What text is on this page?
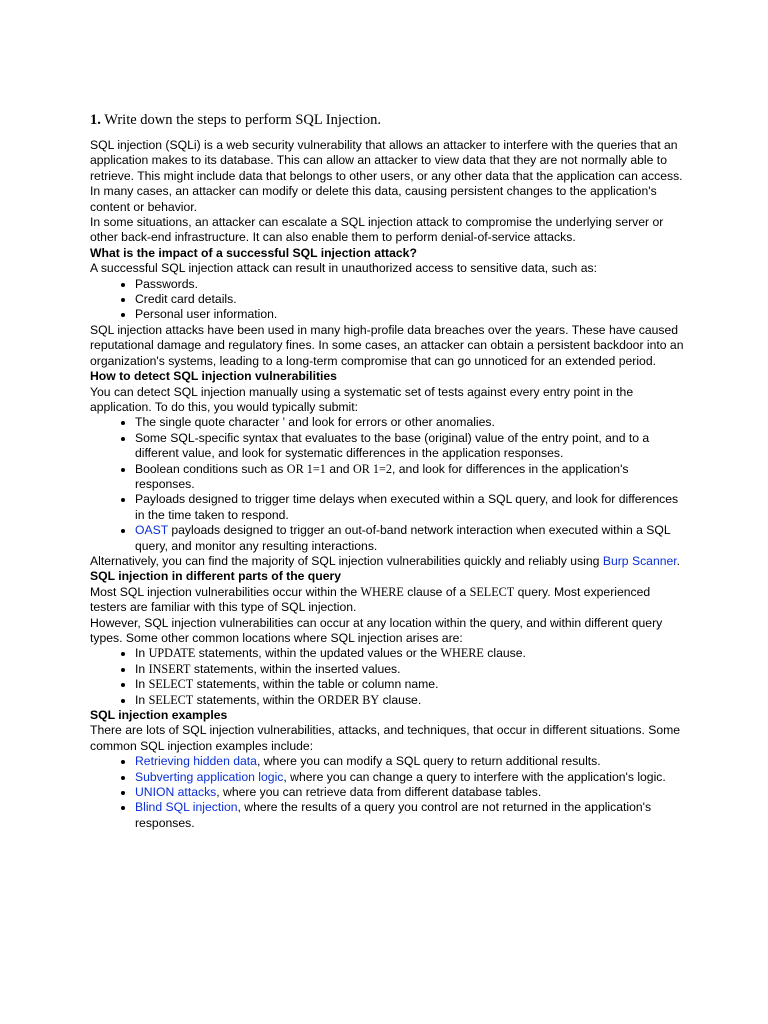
1. Write down the steps to perform SQL Injection.

SQL injection (SQLi) is a web security vulnerability that allows an attacker to interfere with the queries that an application makes to its database. This can allow an attacker to view data that they are not normally able to retrieve. This might include data that belongs to other users, or any other data that the application can access. In many cases, an attacker can modify or delete this data, causing persistent changes to the application's content or behavior.

In some situations, an attacker can escalate a SQL injection attack to compromise the underlying server or other back-end infrastructure. It can also enable them to perform denial-of-service attacks.

What is the impact of a successful SQL injection attack?

A successful SQL injection attack can result in unauthorized access to sensitive data, such as:

• Passwords.
• Credit card details.
• Personal user information.

SQL injection attacks have been used in many high-profile data breaches over the years. These have caused reputational damage and regulatory fines. In some cases, an attacker can obtain a persistent backdoor into an organization's systems, leading to a long-term compromise that can go unnoticed for an extended period.

How to detect SQL injection vulnerabilities

You can detect SQL injection manually using a systematic set of tests against every entry point in the application. To do this, you would typically submit:

• The single quote character ' and look for errors or other anomalies.
• Some SQL-specific syntax that evaluates to the base (original) value of the entry point, and to a different value, and look for systematic differences in the application responses.
• Boolean conditions such as OR 1=1 and OR 1=2, and look for differences in the application's responses.
• Payloads designed to trigger time delays when executed within a SQL query, and look for differences in the time taken to respond.
• OAST payloads designed to trigger an out-of-band network interaction when executed within a SQL query, and monitor any resulting interactions.

Alternatively, you can find the majority of SQL injection vulnerabilities quickly and reliably using Burp Scanner.

SQL injection in different parts of the query

Most SQL injection vulnerabilities occur within the WHERE clause of a SELECT query. Most experienced testers are familiar with this type of SQL injection.

However, SQL injection vulnerabilities can occur at any location within the query, and within different query types. Some other common locations where SQL injection arises are:

• In UPDATE statements, within the updated values or the WHERE clause.
• In INSERT statements, within the inserted values.
• In SELECT statements, within the table or column name.
• In SELECT statements, within the ORDER BY clause.
SQL injection examples

There are lots of SQL injection vulnerabilities, attacks, and techniques, that occur in different situations. Some common SQL injection examples include:

• Retrieving hidden data, where you can modify a SQL query to return additional results.
• Subverting application logic, where you can change a query to interfere with the application's logic.
• UNION attacks, where you can retrieve data from different database tables.
• Blind SQL injection, where the results of a query you control are not returned in the application's responses.
